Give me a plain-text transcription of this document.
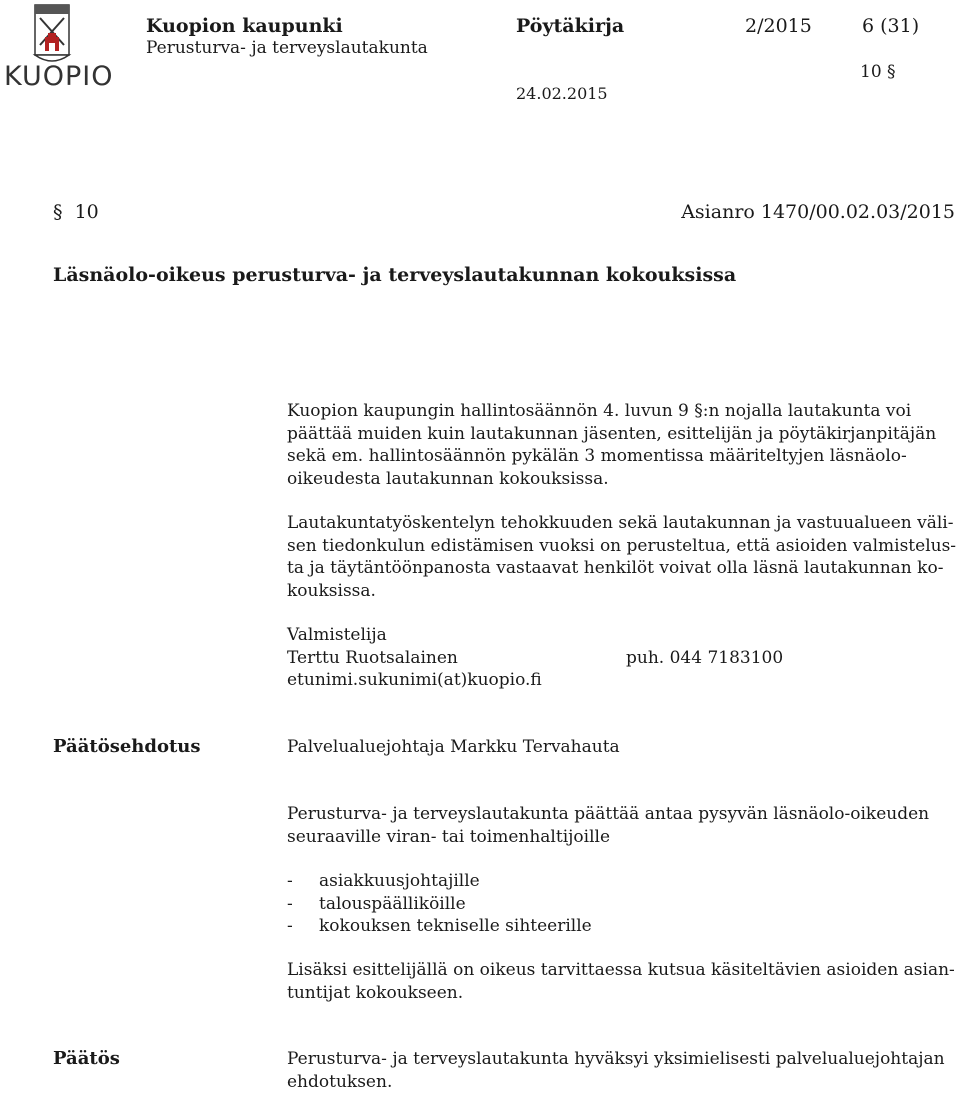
KUOPIO
Kuopion kaupunki
Perusturva- ja terveyslautakunta
Pöytäkirja	2/2015	6 (31)
10 §
24.02.2015
§ 10	Asianro 1470/00.02.03/2015
Läsnäolo-oikeus perusturva- ja terveyslautakunnan kokouksissa
Kuopion kaupungin hallintosäännön 4. luvun 9 §:n nojalla lautakunta voi
päättää muiden kuin lautakunnan jäsenten, esittelijän ja pöytäkirjanpitäjän
sekä em. hallintosäännön pykälän 3 momentissa määriteltyjen läsnäolo-
oikeudesta lautakunnan kokouksissa.
Lautakuntatyöskentelyn tehokkuuden sekä lautakunnan ja vastuualueen väli-
sen tiedonkulun edistämisen vuoksi on perusteltua, että asioiden valmistelus-
ta ja täytäntöönpanosta vastaavat henkilöt voivat olla läsnä lautakunnan ko-
kouksissa.
Valmistelija
Terttu Ruotsalainen	puh. 044 7183100
etunimi.sukunimi(at)kuopio.fi
Päätösehdotus	Palvelualuejohtaja Markku Tervahauta
Perusturva- ja terveyslautakunta päättää antaa pysyvän läsnäolo-oikeuden
seuraaville viran- tai toimenhaltijoille
- asiakkuusjohtajille
- talouspäälliköille
- kokouksen tekniselle sihteerille
Lisäksi esittelijällä on oikeus tarvittaessa kutsua käsiteltävien asioiden asian-
tuntijat kokoukseen.
Päätös	Perusturva- ja terveyslautakunta hyväksyi yksimielisesti palvelualuejohtajan
ehdotuksen.
